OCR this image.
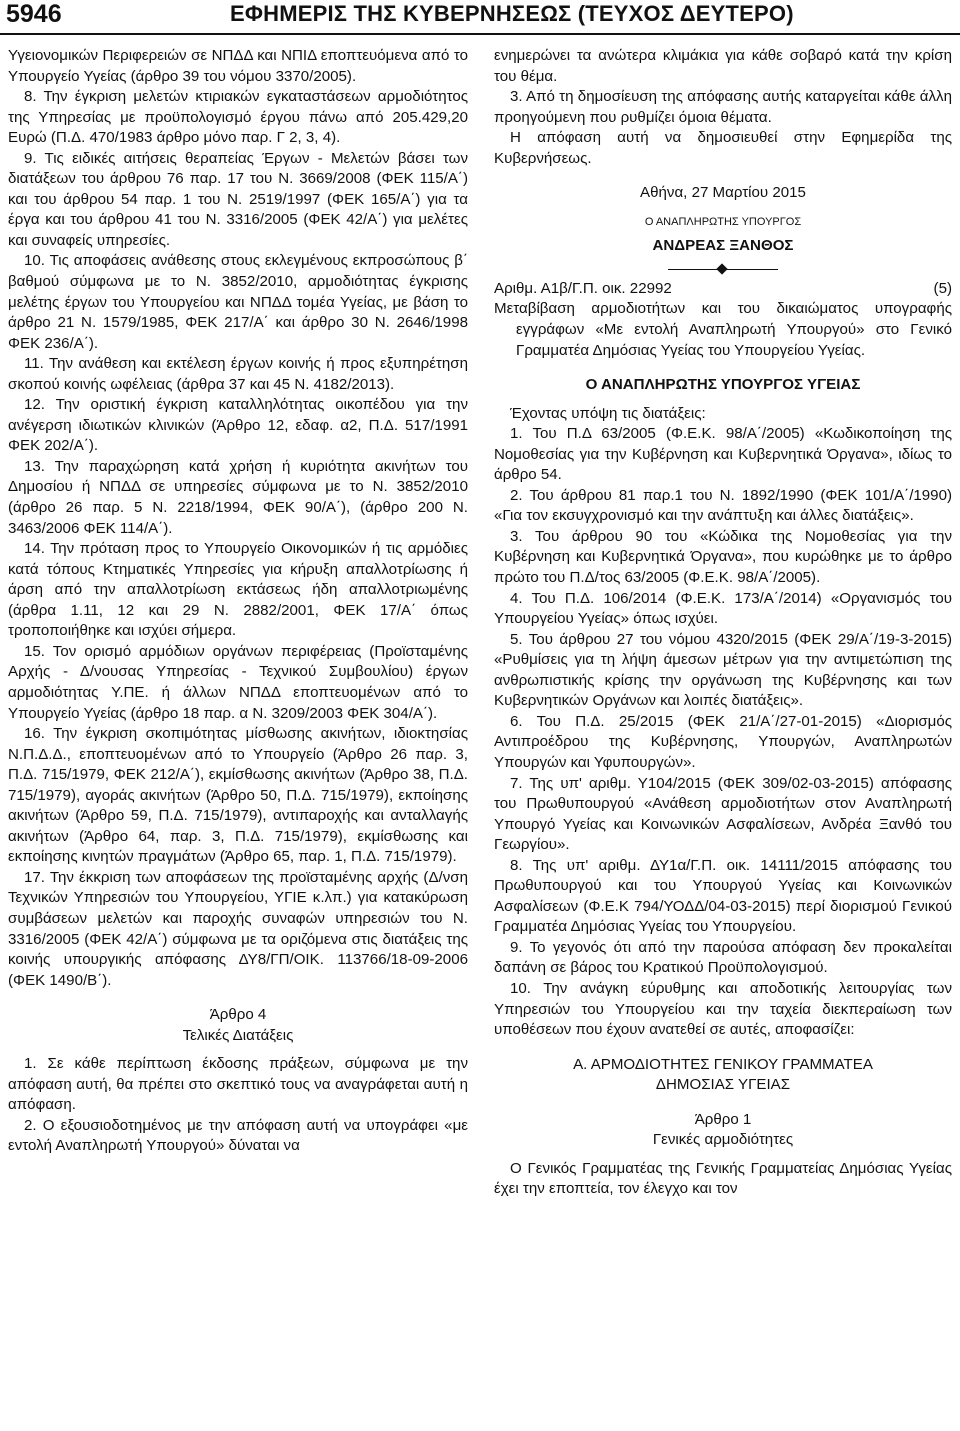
5946	ΕΦΗΜΕΡΙΣ ΤΗΣ ΚΥΒΕΡΝΗΣΕΩΣ (ΤΕΥΧΟΣ ΔΕΥΤΕΡΟ)

Υγειονομικών Περιφερειών σε ΝΠΔΔ και ΝΠΙΔ εποπτευόμενα από το Υπουργείο Υγείας (άρθρο 39 του νόμου 3370/2005).

8. Την έγκριση μελετών κτιριακών εγκαταστάσεων αρμοδιότητος της Υπηρεσίας με προϋπολογισμό έργου πάνω από 205.429,20 Ευρώ (Π.Δ. 470/1983 άρθρο μόνο παρ. Γ 2, 3, 4).

9. Τις ειδικές αιτήσεις θεραπείας Έργων - Μελετών βάσει των διατάξεων του άρθρου 76 παρ. 17 του Ν. 3669/2008 (ΦΕΚ 115/Α΄) και του άρθρου 54 παρ. 1 του Ν. 2519/1997 (ΦΕΚ 165/Α΄) για τα έργα και του άρθρου 41 του Ν. 3316/2005 (ΦΕΚ 42/Α΄) για μελέτες και συναφείς υπηρεσίες.

10. Τις αποφάσεις ανάθεσης στους εκλεγμένους εκπροσώπους β΄ βαθμού σύμφωνα με το Ν. 3852/2010, αρμοδιότητας έγκρισης μελέτης έργων του Υπουργείου και ΝΠΔΔ τομέα Υγείας, με βάση το άρθρο 21 Ν. 1579/1985, ΦΕΚ 217/Α΄ και άρθρο 30 Ν. 2646/1998 ΦΕΚ 236/Α΄).

11. Την ανάθεση και εκτέλεση έργων κοινής ή προς εξυπηρέτηση σκοπού κοινής ωφέλειας (άρθρα 37 και 45 Ν. 4182/2013).

12. Την οριστική έγκριση καταλληλότητας οικοπέδου για την ανέγερση ιδιωτικών κλινικών (Άρθρο 12, εδαφ. α2, Π.Δ. 517/1991 ΦΕΚ 202/Α΄).

13. Την παραχώρηση κατά χρήση ή κυριότητα ακινήτων του Δημοσίου ή ΝΠΔΔ σε υπηρεσίες σύμφωνα με το Ν. 3852/2010 (άρθρο 26 παρ. 5 Ν. 2218/1994, ΦΕΚ 90/Α΄), (άρθρο 200 Ν. 3463/2006 ΦΕΚ 114/Α΄).

14. Την πρόταση προς το Υπουργείο Οικονομικών ή τις αρμόδιες κατά τόπους Κτηματικές Υπηρεσίες για κήρυξη απαλλοτρίωσης ή άρση από την απαλλοτρίωση εκτάσεως ήδη απαλλοτριωμένης (άρθρα 1.11, 12 και 29 Ν. 2882/2001, ΦΕΚ 17/Α΄ όπως τροποποιήθηκε και ισχύει σήμερα.

15. Τον ορισμό αρμόδιων οργάνων περιφέρειας (Προϊσταμένης Αρχής - Δ/νουσας Υπηρεσίας - Τεχνικού Συμβουλίου) έργων αρμοδιότητας Υ.ΠΕ. ή άλλων ΝΠΔΔ εποπτευομένων από το Υπουργείο Υγείας (άρθρο 18 παρ. α Ν. 3209/2003 ΦΕΚ 304/Α΄).

16. Την έγκριση σκοπιμότητας μίσθωσης ακινήτων, ιδιοκτησίας Ν.Π.Δ.Δ., εποπτευομένων από το Υπουργείο (Άρθρο 26 παρ. 3, Π.Δ. 715/1979, ΦΕΚ 212/Α΄), εκμίσθωσης ακινήτων (Άρθρο 38, Π.Δ. 715/1979), αγοράς ακινήτων (Άρθρο 50, Π.Δ. 715/1979), εκποίησης ακινήτων (Άρθρο 59, Π.Δ. 715/1979), αντιπαροχής και ανταλλαγής ακινήτων (Άρθρο 64, παρ. 3, Π.Δ. 715/1979), εκμίσθωσης και εκποίησης κινητών πραγμάτων (Άρθρο 65, παρ. 1, Π.Δ. 715/1979).

17. Την έκκριση των αποφάσεων της προϊσταμένης αρχής (Δ/νση Τεχνικών Υπηρεσιών του Υπουργείου, ΥΓΙΕ κ.λπ.) για κατακύρωση συμβάσεων μελετών και παροχής συναφών υπηρεσιών του Ν. 3316/2005 (ΦΕΚ 42/Α΄) σύμφωνα με τα οριζόμενα στις διατάξεις της κοινής υπουργικής απόφασης ΔΥ8/ΓΠ/ΟΙΚ. 113766/18-09-2006 (ΦΕΚ 1490/Β΄).

Άρθρο 4

Τελικές Διατάξεις

1. Σε κάθε περίπτωση έκδοσης πράξεων, σύμφωνα με την απόφαση αυτή, θα πρέπει στο σκεπτικό τους να αναγράφεται αυτή η απόφαση.

2. Ο εξουσιοδοτημένος με την απόφαση αυτή να υπογράφει «με εντολή Αναπληρωτή Υπουργού» δύναται να

ενημερώνει τα ανώτερα κλιμάκια για κάθε σοβαρό κατά την κρίση του θέμα.

3. Από τη δημοσίευση της απόφασης αυτής καταργείται κάθε άλλη προηγούμενη που ρυθμίζει όμοια θέματα.

Η απόφαση αυτή να δημοσιευθεί στην Εφημερίδα της Κυβερνήσεως.

Αθήνα, 27 Μαρτίου 2015

Ο ΑΝΑΠΛΗΡΩΤΗΣ ΥΠΟΥΡΓΟΣ

ΑΝΔΡΕΑΣ ΞΑΝΘΟΣ

Αριθμ. Α1β/Γ.Π. οικ. 22992	(5)

Μεταβίβαση αρμοδιοτήτων και του δικαιώματος υπογραφής εγγράφων «Με εντολή Αναπληρωτή Υπουργού» στο Γενικό Γραμματέα Δημόσιας Υγείας του Υπουργείου Υγείας.

Ο ΑΝΑΠΛΗΡΩΤΗΣ ΥΠΟΥΡΓΟΣ ΥΓΕΙΑΣ

Έχοντας υπόψη τις διατάξεις:

1. Του Π.Δ 63/2005 (Φ.Ε.Κ. 98/Α΄/2005) «Κωδικοποίηση της Νομοθεσίας για την Κυβέρνηση και Κυβερνητικά Όργανα», ιδίως το άρθρο 54.

2. Του άρθρου 81 παρ.1 του Ν. 1892/1990 (ΦΕΚ 101/Α΄/1990) «Για τον εκσυγχρονισμό και την ανάπτυξη και άλλες διατάξεις».

3. Του άρθρου 90 του «Κώδικα της Νομοθεσίας για την Κυβέρνηση και Κυβερνητικά Όργανα», που κυρώθηκε με το άρθρο πρώτο του Π.Δ/τος 63/2005 (Φ.Ε.Κ. 98/Α΄/2005).

4. Του Π.Δ. 106/2014 (Φ.Ε.Κ. 173/Α΄/2014) «Οργανισμός του Υπουργείου Υγείας» όπως ισχύει.

5. Του άρθρου 27 του νόμου 4320/2015 (ΦΕΚ 29/Α΄/19-3-2015) «Ρυθμίσεις για τη λήψη άμεσων μέτρων για την αντιμετώπιση της ανθρωπιστικής κρίσης την οργάνωση της Κυβέρνησης και των Κυβερνητικών Οργάνων και λοιπές διατάξεις».

6. Του Π.Δ. 25/2015 (ΦΕΚ 21/Α΄/27-01-2015) «Διορισμός Αντιπροέδρου της Κυβέρνησης, Υπουργών, Αναπληρωτών Υπουργών και Υφυπουργών».

7. Της υπ' αριθμ. Υ104/2015 (ΦΕΚ 309/02-03-2015) απόφασης του Πρωθυπουργού «Ανάθεση αρμοδιοτήτων στον Αναπληρωτή Υπουργό Υγείας και Κοινωνικών Ασφαλίσεων, Ανδρέα Ξανθό του Γεωργίου».

8. Της υπ' αριθμ. ΔΥ1α/Γ.Π. οικ. 14111/2015 απόφασης του Πρωθυπουργού και του Υπουργού Υγείας και Κοινωνικών Ασφαλίσεων (Φ.Ε.Κ 794/ΥΟΔΔ/04-03-2015) περί διορισμού Γενικού Γραμματέα Δημόσιας Υγείας του Υπουργείου.

9. Το γεγονός ότι από την παρούσα απόφαση δεν προκαλείται δαπάνη σε βάρος του Κρατικού Προϋπολογισμού.

10. Την ανάγκη εύρυθμης και αποδοτικής λειτουργίας των Υπηρεσιών του Υπουργείου και την ταχεία διεκπεραίωση των υποθέσεων που έχουν ανατεθεί σε αυτές, αποφασίζει:

Α. ΑΡΜΟΔΙΟΤΗΤΕΣ ΓΕΝΙΚΟΥ ΓΡΑΜΜΑΤΕΑ

ΔΗΜΟΣΙΑΣ ΥΓΕΙΑΣ

Άρθρο 1

Γενικές αρμοδιότητες

Ο Γενικός Γραμματέας της Γενικής Γραμματείας Δημόσιας Υγείας έχει την εποπτεία, τον έλεγχο και τον
